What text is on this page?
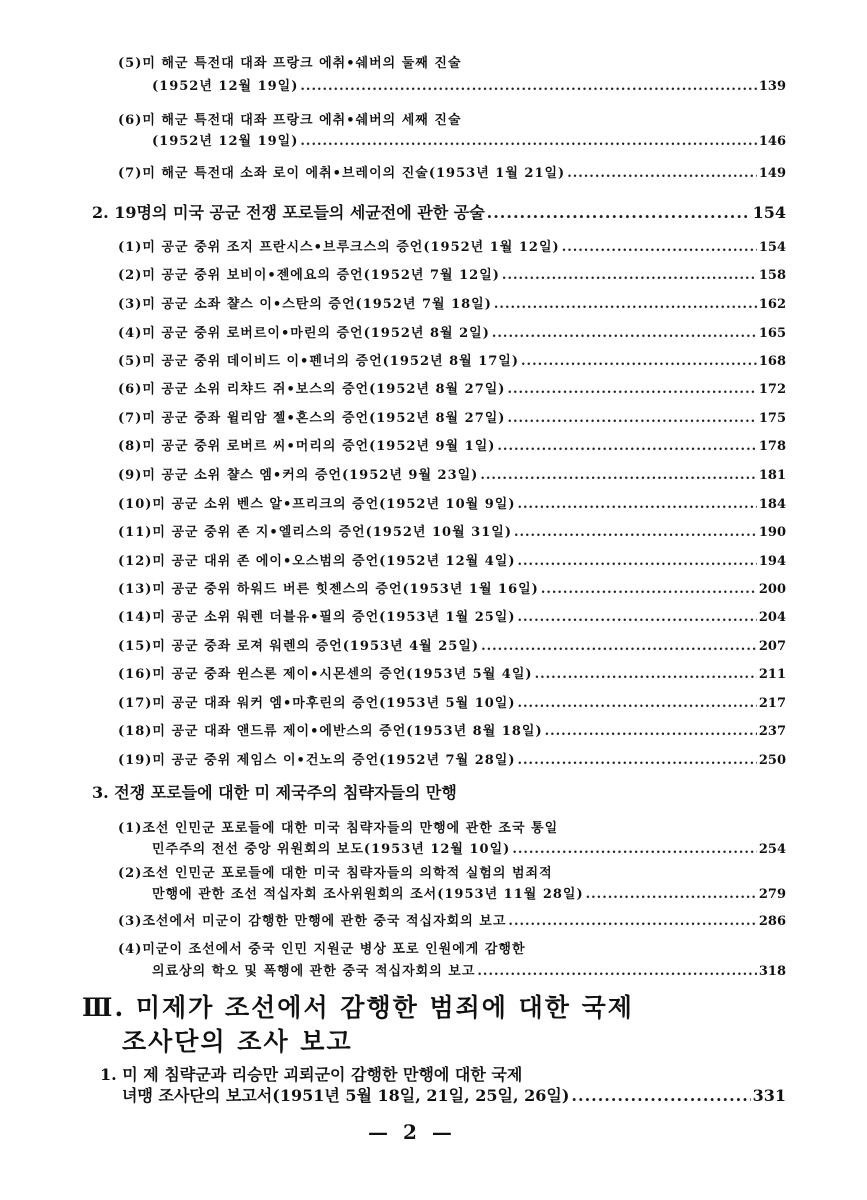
(5)미 해군 특전대 대좌 프랑크 에취•쉐버의 둘째 진술
(1952년 12월 19일) .....	139
(6)미 해군 특전대 대좌 프랑크 에취•쉐버의 세째 진술
(1952년 12월 19일) .....	146
(7)미 해군 특전대 소좌 로이 에취•브레이의 진술(1953년 1월 21일) .....	149
2. 19명의 미국 공군 전쟁 포로들의 세균전에 관한 공술 .....	154
(1)미 공군 중위 조지 프란시스•브루크스의 증언(1952년 1월 12일) .....	154
(2)미 공군 중위 보비이•젠에요의 증언(1952년 7월 12일) .....	158
(3)미 공군 소좌 챨스 이•스탄의 증언(1952년 7월 18일) .....	162
(4)미 공군 중위 로버르이•마린의 증언(1952년 8월 2일) .....	165
(5)미 공군 중위 데이비드 이•펜너의 증언(1952년 8월 17일) .....	168
(6)미 공군 소위 리챠드 쥐•보스의 증언(1952년 8월 27일) .....	172
(7)미 공군 중좌 윌리암 젤•혼스의 증언(1952년 8월 27일) .....	175
(8)미 공군 중위 로버르 씨•머리의 증언(1952년 9월 1일) .....	178
(9)미 공군 소위 챨스 엠•커의 증언(1952년 9월 23일) .....	181
(10)미 공군 소위 벤스 알•프리크의 증언(1952년 10월 9일) .....	184
(11)미 공군 중위 존 지•엘리스의 증언(1952년 10월 31일) .....	190
(12)미 공군 대위 존 에이•오스범의 증언(1952년 12월 4일) .....	194
(13)미 공군 중위 하워드 버른 힛젠스의 증언(1953년 1월 16일) .....	200
(14)미 공군 소위 워렌 더블유•필의 증언(1953년 1월 25일) .....	204
(15)미 공군 중좌 로져 워렌의 증언(1953년 4월 25일) .....	207
(16)미 공군 중좌 윈스론 제이•시몬센의 증언(1953년 5월 4일) .....	211
(17)미 공군 대좌 워커 엠•마후린의 증언(1953년 5월 10일) .....	217
(18)미 공군 대좌 앤드류 제이•에반스의 증언(1953년 8월 18일) .....	237
(19)미 공군 중위 제임스 이•건노의 증언(1952년 7월 28일) .....	250
3. 전쟁 포로들에 대한 미 제국주의 침략자들의 만행
(1)조선 인민군 포로들에 대한 미국 침략자들의 만행에 관한 조국 통일
민주주의 전선 중앙 위원회의 보도(1953년 12월 10일) .....	254
(2)조선 인민군 포로들에 대한 미국 침략자들의 의학적 실험의 범죄적
만행에 관한 조선 적십자회 조사위원회의 조서(1953년 11월 28일) .....	279
(3)조선에서 미군이 감행한 만행에 관한 중국 적십자회의 보고 .....	286
(4)미군이 조선에서 중국 인민 지원군 병상 포로 인원에게 감행한
의료상의 학오 및 폭행에 관한 중국 적십자회의 보고 .....	318
Ⅲ. 미제가 조선에서 감행한 범죄에 대한 국제
조사단의 조사 보고
1. 미 제 침략군과 리승만 괴뢰군이 감행한 만행에 대한 국제
녀맹 조사단의 보고서(1951년 5월 18일, 21일, 25일, 26일) .....	331
— 2 —
